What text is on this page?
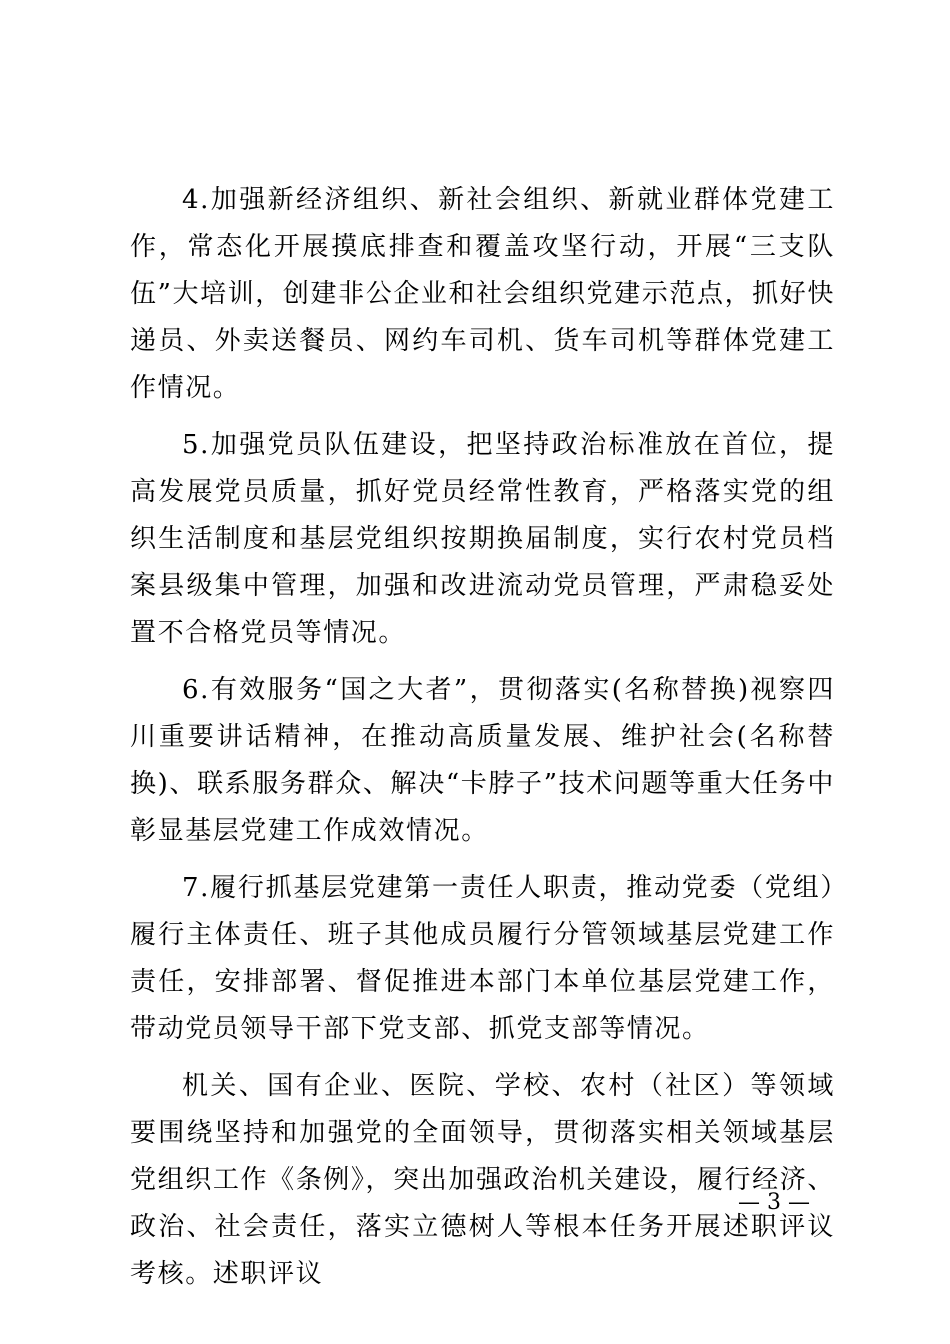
4.加强新经济组织、新社会组织、新就业群体党建工作，常态化开展摸底排查和覆盖攻坚行动，开展“三支队伍”大培训，创建非公企业和社会组织党建示范点，抓好快递员、外卖送餐员、网约车司机、货车司机等群体党建工作情况。

5.加强党员队伍建设，把坚持政治标准放在首位，提高发展党员质量，抓好党员经常性教育，严格落实党的组织生活制度和基层党组织按期换届制度，实行农村党员档案县级集中管理，加强和改进流动党员管理，严肃稳妥处置不合格党员等情况。

6.有效服务“国之大者”，贯彻落实(名称替换)视察四川重要讲话精神，在推动高质量发展、维护社会(名称替换)、联系服务群众、解决“卡脖子”技术问题等重大任务中彰显基层党建工作成效情况。

7.履行抓基层党建第一责任人职责，推动党委（党组）履行主体责任、班子其他成员履行分管领域基层党建工作责任，安排部署、督促推进本部门本单位基层党建工作，带动党员领导干部下党支部、抓党支部等情况。

机关、国有企业、医院、学校、农村（社区）等领域要围绕坚持和加强党的全面领导，贯彻落实相关领域基层党组织工作《条例》，突出加强政治机关建设，履行经济、政治、社会责任，落实立德树人等根本任务开展述职评议考核。述职评议

— 3 —
